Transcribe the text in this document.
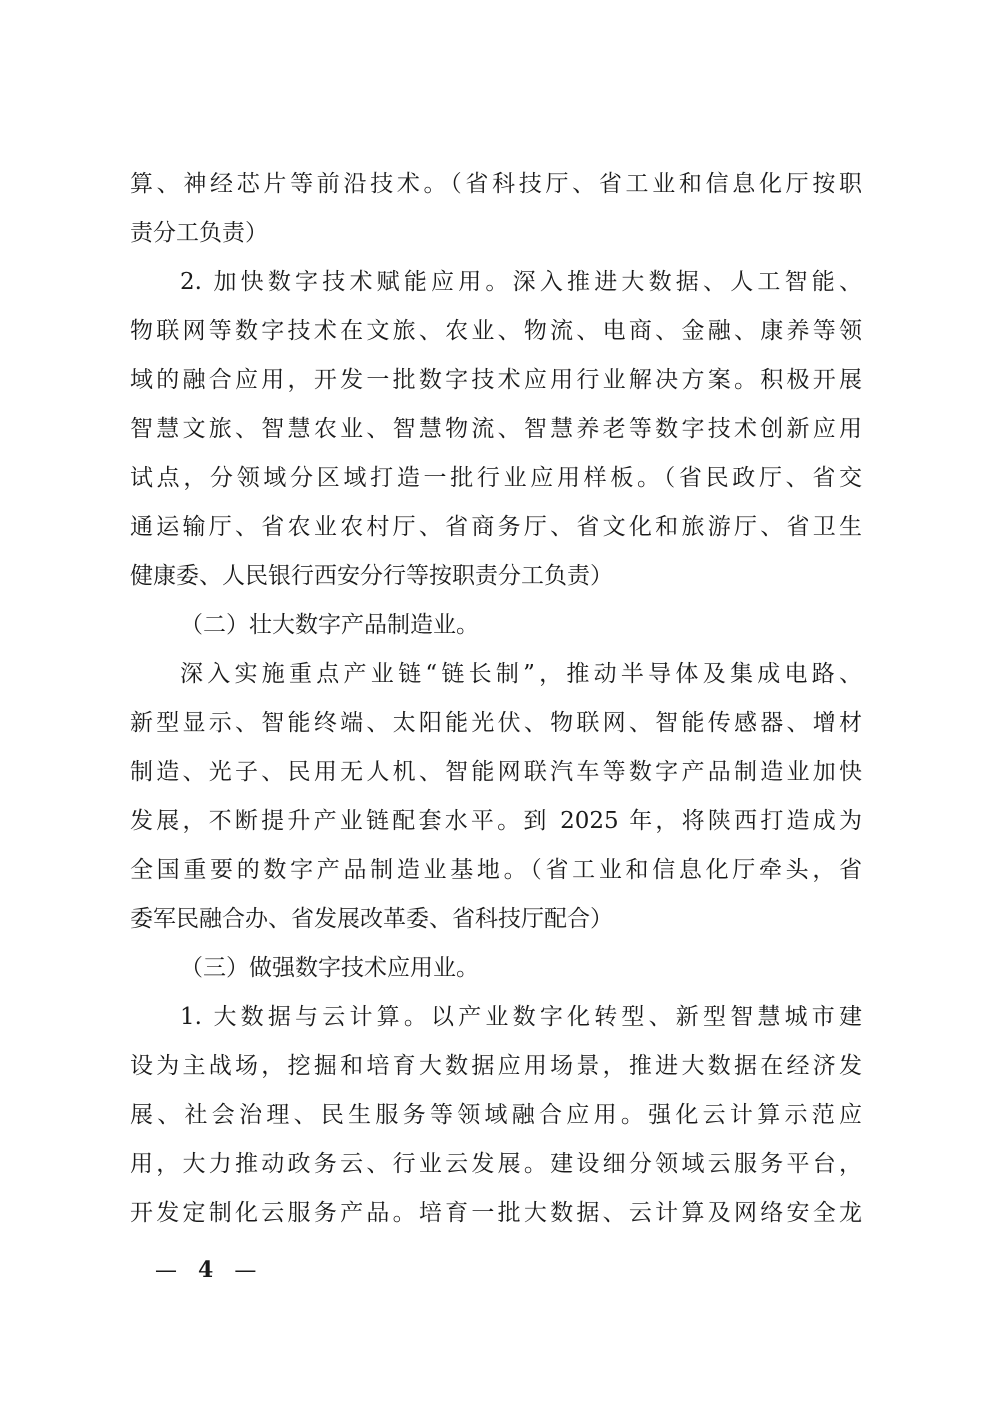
算、神经芯片等前沿技术。（省科技厅、省工业和信息化厅按职
责分工负责）
2. 加快数字技术赋能应用。深入推进大数据、人工智能、
物联网等数字技术在文旅、农业、物流、电商、金融、康养等领
域的融合应用，开发一批数字技术应用行业解决方案。积极开展
智慧文旅、智慧农业、智慧物流、智慧养老等数字技术创新应用
试点，分领域分区域打造一批行业应用样板。（省民政厅、省交
通运输厅、省农业农村厅、省商务厅、省文化和旅游厅、省卫生
健康委、人民银行西安分行等按职责分工负责）
（二）壮大数字产品制造业。
深入实施重点产业链“链长制”，推动半导体及集成电路、
新型显示、智能终端、太阳能光伏、物联网、智能传感器、增材
制造、光子、民用无人机、智能网联汽车等数字产品制造业加快
发展，不断提升产业链配套水平。到 2025 年，将陕西打造成为
全国重要的数字产品制造业基地。（省工业和信息化厅牵头，省
委军民融合办、省发展改革委、省科技厅配合）
（三）做强数字技术应用业。
1. 大数据与云计算。以产业数字化转型、新型智慧城市建
设为主战场，挖掘和培育大数据应用场景，推进大数据在经济发
展、社会治理、民生服务等领域融合应用。强化云计算示范应
用，大力推动政务云、行业云发展。建设细分领域云服务平台，
开发定制化云服务产品。培育一批大数据、云计算及网络安全龙
— 4 —
